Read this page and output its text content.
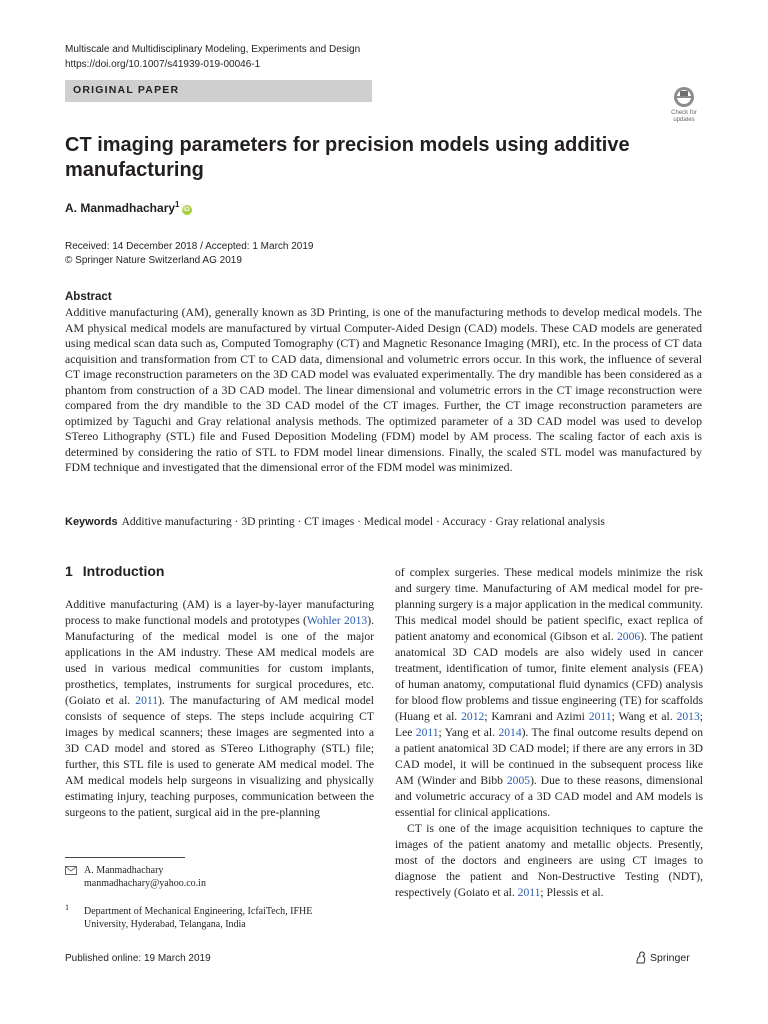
Multiscale and Multidisciplinary Modeling, Experiments and Design
https://doi.org/10.1007/s41939-019-00046-1
ORIGINAL PAPER
Check for
updates
CT imaging parameters for precision models using additive manufacturing
A. Manmadhachary$^1$iD
Received: 14 December 2018 / Accepted: 1 March 2019
© Springer Nature Switzerland AG 2019
Abstract
Additive manufacturing (AM), generally known as 3D Printing, is one of the manufacturing methods to develop medical models. The AM physical medical models are manufactured by virtual Computer-Aided Design (CAD) models. These CAD models are generated using medical scan data such as, Computed Tomography (CT) and Magnetic Resonance Imaging (MRI), etc. In the process of CT data acquisition and transformation from CT to CAD data, dimensional and volumetric errors occur. In this work, the influence of several CT image reconstruction parameters on the 3D CAD model was evaluated experimentally. The dry mandible has been considered as a phantom from construction of a 3D CAD model. The linear dimensional and volumetric errors in the CT image reconstruction were compared from the dry mandible to the 3D CAD model of the CT images. Further, the CT image reconstruction parameters are optimized by Taguchi and Gray relational analysis methods. The optimized parameter of a 3D CAD model was used to develop STereo Lithography (STL) file and Fused Deposition Modeling (FDM) model by AM process. The scaling factor of each axis is determined by considering the ratio of STL to FDM model linear dimensions. Finally, the scaled STL model was manufactured by FDM technique and investigated that the dimensional error of the FDM model was minimized.
Keywords Additive manufacturing · 3D printing · CT images · Medical model · Accuracy · Gray relational analysis
1 Introduction

Additive manufacturing (AM) is a layer-by-layer manufacturing process to make functional models and prototypes (Wohler 2013). Manufacturing of the medical model is one of the major applications in the AM industry. These AM medical models are used in various medical communities for custom implants, prosthetics, templates, instruments for surgical procedures, etc. (Goiato et al. 2011). The manufacturing of AM medical model consists of sequence of steps. The steps include acquiring CT images by medical scanners; these images are segmented into a 3D CAD model and stored as STereo Lithography (STL) file; further, this STL file is used to generate AM medical model. The AM medical models help surgeons in visualizing and physically estimating injury, teaching purposes, communication between the surgeons to the patient, surgical aid in the pre-planning

of complex surgeries. These medical models minimize the risk and surgery time. Manufacturing of AM medical model for pre-planning surgery is a major application in the medical community. This medical model should be patient specific, exact replica of patient anatomy and economical (Gibson et al. 2006). The patient anatomical 3D CAD models are also widely used in cancer treatment, identification of tumor, finite element analysis (FEA) of human anatomy, computational fluid dynamics (CFD) analysis for blood flow problems and tissue engineering (TE) for scaffolds (Huang et al. 2012; Kamrani and Azimi 2011; Wang et al. 2013; Lee 2011; Yang et al. 2014). The final outcome results depend on a patient anatomical 3D CAD model; if there are any errors in 3D CAD model, it will be continued in the subsequent process like AM (Winder and Bibb 2005). Due to these reasons, dimensional and volumetric accuracy of a 3D CAD model and AM models is essential for clinical applications.

CT is one of the image acquisition techniques to capture the images of the patient anatomy and metallic objects. Presently, most of the doctors and engineers are using CT images to diagnose the patient and Non-Destructive Testing (NDT), respectively (Goiato et al. 2011; Plessis et al.

A. Manmadhachary
manmadhachary@yahoo.co.in
1 Department of Mechanical Engineering, IcfaiTech, IFHE
University, Hyderabad, Telangana, India
Published online: 19 March 2019	Springer
